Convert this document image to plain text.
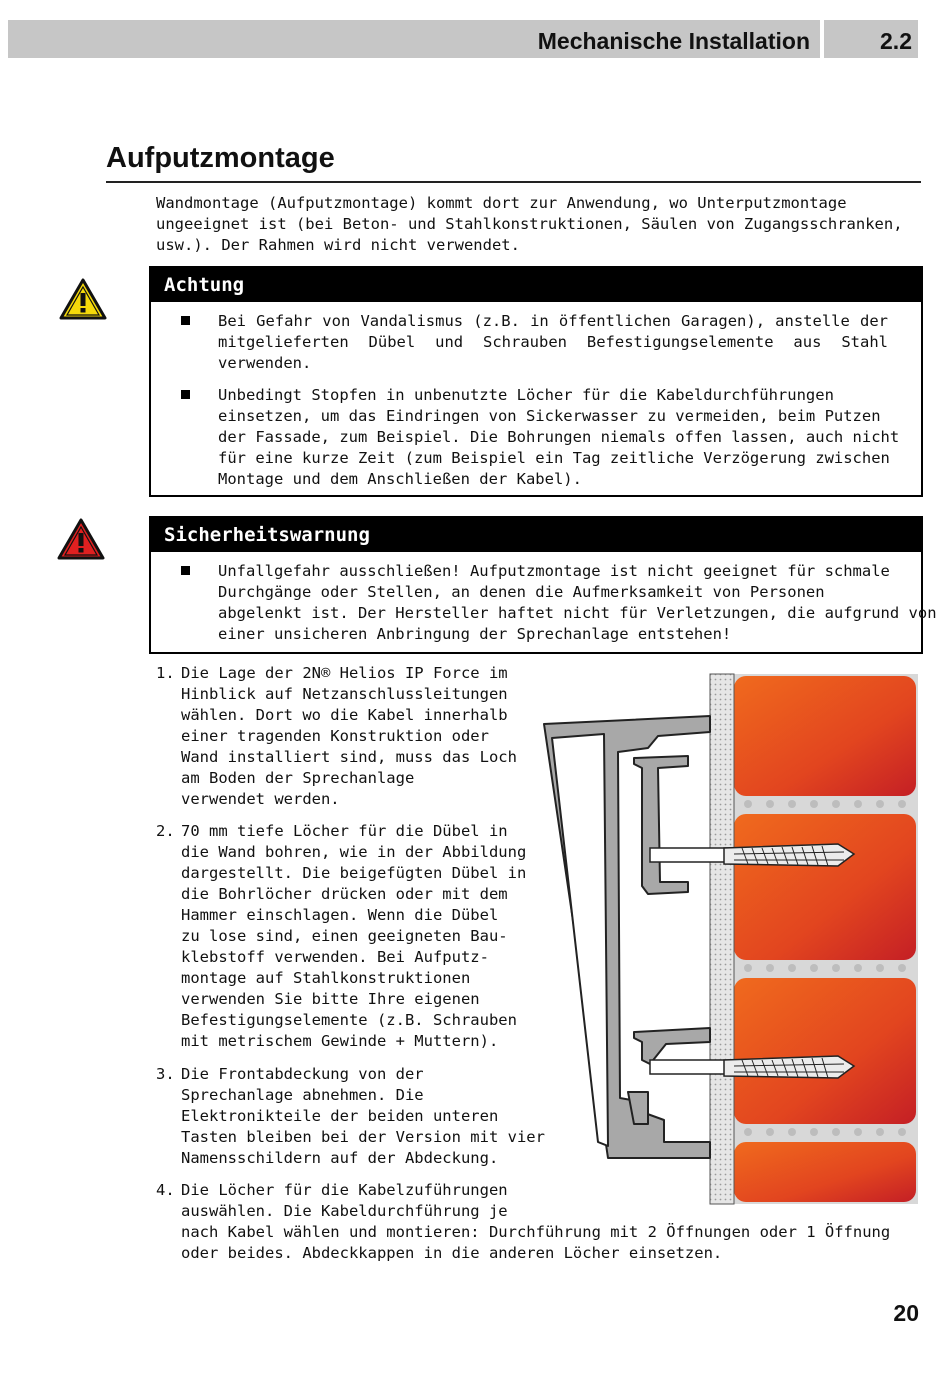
Mechanische Installation	2.2
Aufputzmontage
Wandmontage (Aufputzmontage) kommt dort zur Anwendung, wo Unterputzmontage
ungeeignet ist (bei Beton- und Stahlkonstruktionen, Säulen von Zugangsschranken,
usw.). Der Rahmen wird nicht verwendet.
Achtung
Bei Gefahr von Vandalismus (z.B. in öffentlichen Garagen), anstelle der
mitgelieferten Dübel und Schrauben Befestigungselemente aus Stahl
verwenden.
Unbedingt Stopfen in unbenutzte Löcher für die Kabeldurchführungen
einsetzen, um das Eindringen von Sickerwasser zu vermeiden, beim Putzen
der Fassade, zum Beispiel. Die Bohrungen niemals offen lassen, auch nicht
für eine kurze Zeit (zum Beispiel ein Tag zeitliche Verzögerung zwischen
Montage und dem Anschließen der Kabel).
Sicherheitswarnung
Unfallgefahr ausschließen! Aufputzmontage ist nicht geeignet für schmale
Durchgänge oder Stellen, an denen die Aufmerksamkeit von Personen
abgelenkt ist. Der Hersteller haftet nicht für Verletzungen, die aufgrund von
einer unsicheren Anbringung der Sprechanlage entstehen!
1. Die Lage der 2N® Helios IP Force im
Hinblick auf Netzanschlussleitungen
wählen. Dort wo die Kabel innerhalb
einer tragenden Konstruktion oder
Wand installiert sind, muss das Loch
am Boden der Sprechanlage
verwendet werden.
2. 70 mm tiefe Löcher für die Dübel in
die Wand bohren, wie in der Abbildung
dargestellt. Die beigefügten Dübel in
die Bohrlöcher drücken oder mit dem
Hammer einschlagen. Wenn die Dübel
zu lose sind, einen geeigneten Bau-
klebstoff verwenden. Bei Aufputz-
montage auf Stahlkonstruktionen
verwenden Sie bitte Ihre eigenen
Befestigungselemente (z.B. Schrauben
mit metrischem Gewinde + Muttern).
3. Die Frontabdeckung von der
Sprechanlage abnehmen. Die
Elektronikteile der beiden unteren
Tasten bleiben bei der Version mit vier
Namensschildern auf der Abdeckung.
4. Die Löcher für die Kabelzuführungen
auswählen. Die Kabeldurchführung je
nach Kabel wählen und montieren: Durchführung mit 2 Öffnungen oder 1 Öffnung
oder beides. Abdeckkappen in die anderen Löcher einsetzen.
20
